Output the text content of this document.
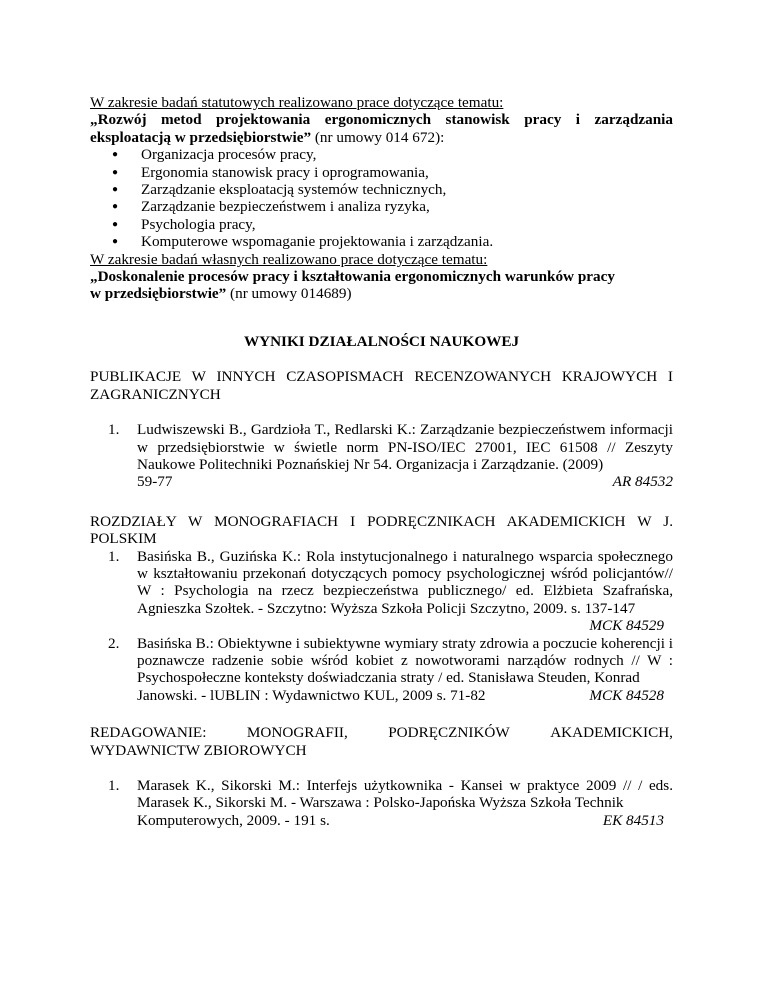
W zakresie badań statutowych realizowano prace dotyczące tematu:
„Rozwój metod projektowania ergonomicznych stanowisk pracy i zarządzania eksploatacją w przedsiębiorstwie” (nr umowy 014 672):
● Organizacja procesów pracy,
● Ergonomia stanowisk pracy i oprogramowania,
● Zarządzanie eksploatacją systemów technicznych,
● Zarządzanie bezpieczeństwem i analiza ryzyka,
● Psychologia pracy,
● Komputerowe wspomaganie projektowania i zarządzania.
W zakresie badań własnych realizowano prace dotyczące tematu:
„Doskonalenie procesów pracy i kształtowania ergonomicznych warunków pracy
w przedsiębiorstwie” (nr umowy 014689)
WYNIKI DZIAŁALNOŚCI NAUKOWEJ

PUBLIKACJE W INNYCH CZASOPISMACH RECENZOWANYCH KRAJOWYCH I ZAGRANICZNYCH

1. Ludwiszewski B., Gardzioła T., Redlarski K.: Zarządzanie bezpieczeństwem informacji w przedsiębiorstwie w świetle norm PN-ISO/IEC 27001, IEC 61508 // Zeszyty Naukowe Politechniki Poznańskiej Nr 54. Organizacja i Zarządzanie. (2009)
59-77	AR 84532

ROZDZIAŁY W MONOGRAFIACH I PODRĘCZNIKACH AKADEMICKICH W J. POLSKIM

1. Basińska B., Guzińska K.: Rola instytucjonalnego i naturalnego wsparcia społecznego w kształtowaniu przekonań dotyczących pomocy psychologicznej wśród policjantów// W : Psychologia na rzecz bezpieczeństwa publicznego/ ed. Elżbieta Szafrańska, Agnieszka Szołtek. - Szczytno: Wyższa Szkoła Policji Szczytno, 2009. s. 137-147
MCK 84529
2. Basińska B.: Obiektywne i subiektywne wymiary straty zdrowia a poczucie koherencji i poznawcze radzenie sobie wśród kobiet z nowotworami narządów rodnych // W : Psychospołeczne konteksty doświadczania straty / ed. Stanisława Steuden, Konrad
Janowski. - lUBLIN : Wydawnictwo KUL, 2009 s. 71-82	MCK 84528
REDAGOWANIE:	MONOGRAFII,	PODRĘCZNIKÓW	AKADEMICKICH,
WYDAWNICTW ZBIOROWYCH
1. Marasek K., Sikorski M.: Interfejs użytkownika - Kansei w praktyce 2009 // / eds. Marasek K., Sikorski M. - Warszawa : Polsko-Japońska Wyższa Szkoła Technik
Komputerowych, 2009. - 191 s.	EK 84513
